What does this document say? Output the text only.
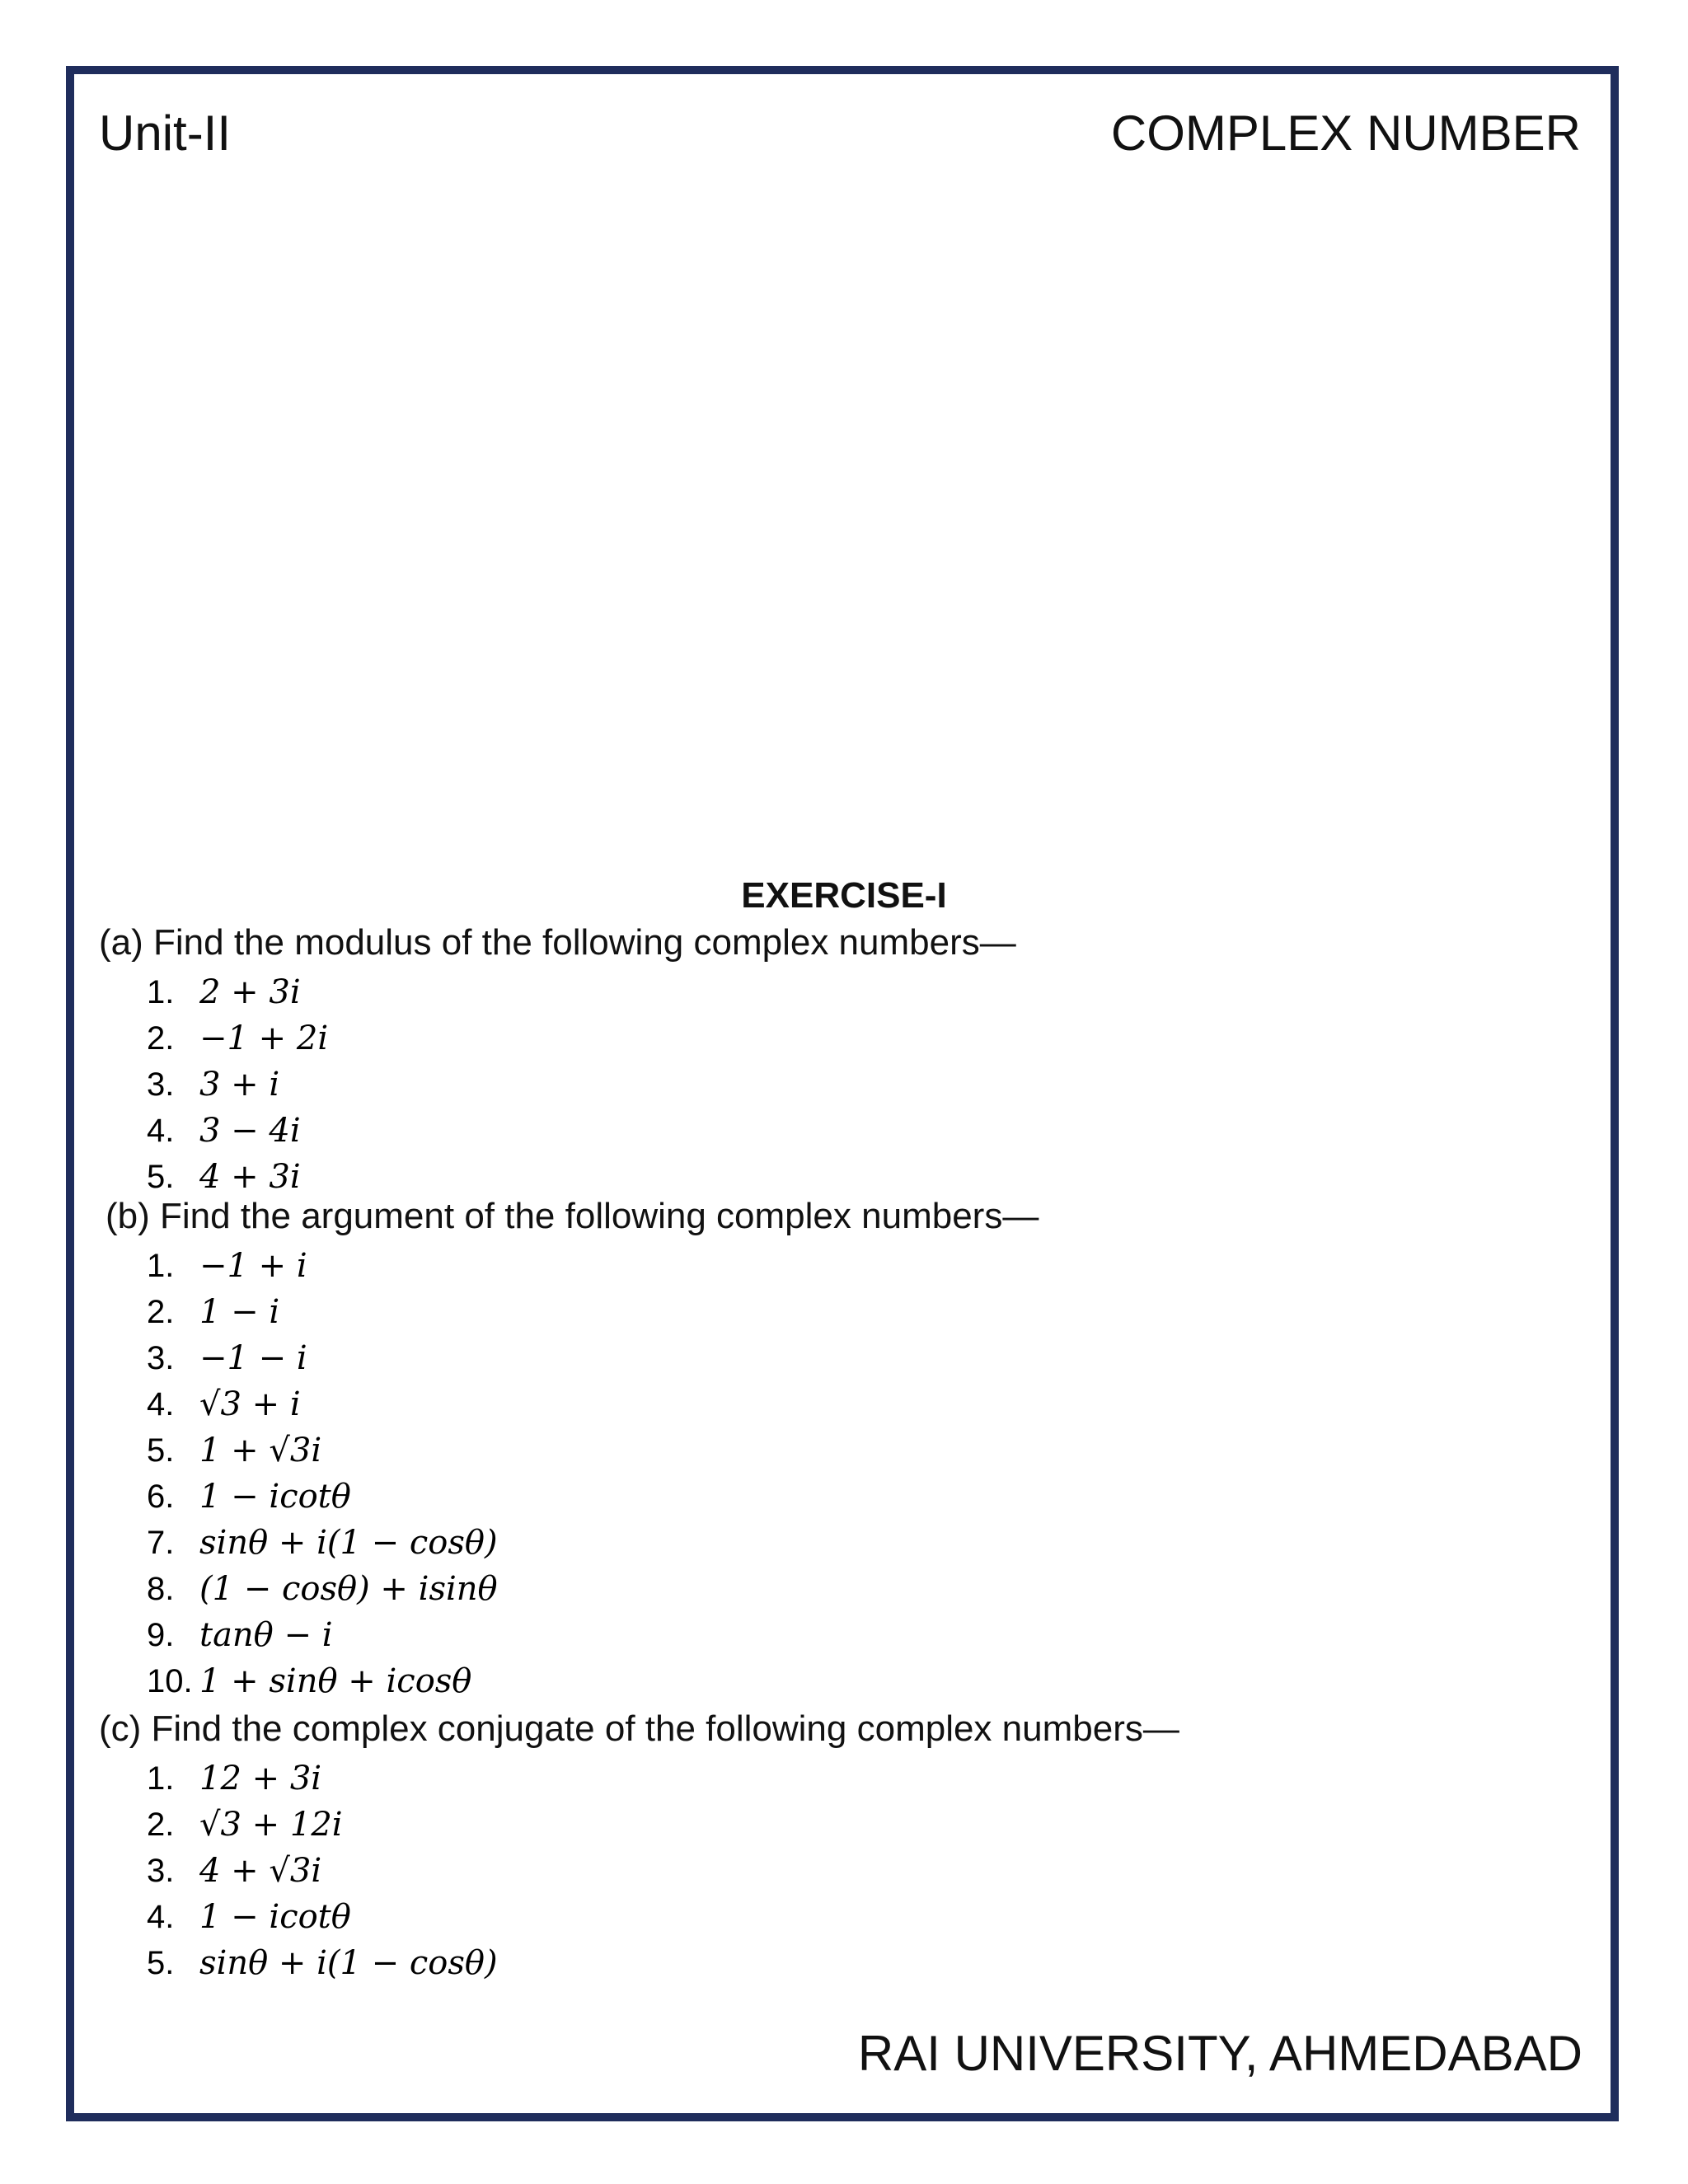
Unit-II	COMPLEX NUMBER
EXERCISE-I
(a) Find the modulus of the following complex numbers—
1. 2 + 3i
2. −1 + 2i
3. 3 + i
4. 3 − 4i
5. 4 + 3i
(b) Find the argument of the following complex numbers—
1. −1 + i
2. 1 − i
3. −1 − i
4. √3 + i
5. 1 + √3i
6. 1 − icotθ
7. sinθ + i(1 − cosθ)
8. (1 − cosθ) + isinθ
9. tanθ − i
10. 1 + sinθ + icosθ
(c) Find the complex conjugate of the following complex numbers—
1. 12 + 3i
2. √3 + 12i
3. 4 + √3i
4. 1 − icotθ
5. sinθ + i(1 − cosθ)
RAI UNIVERSITY, AHMEDABAD
